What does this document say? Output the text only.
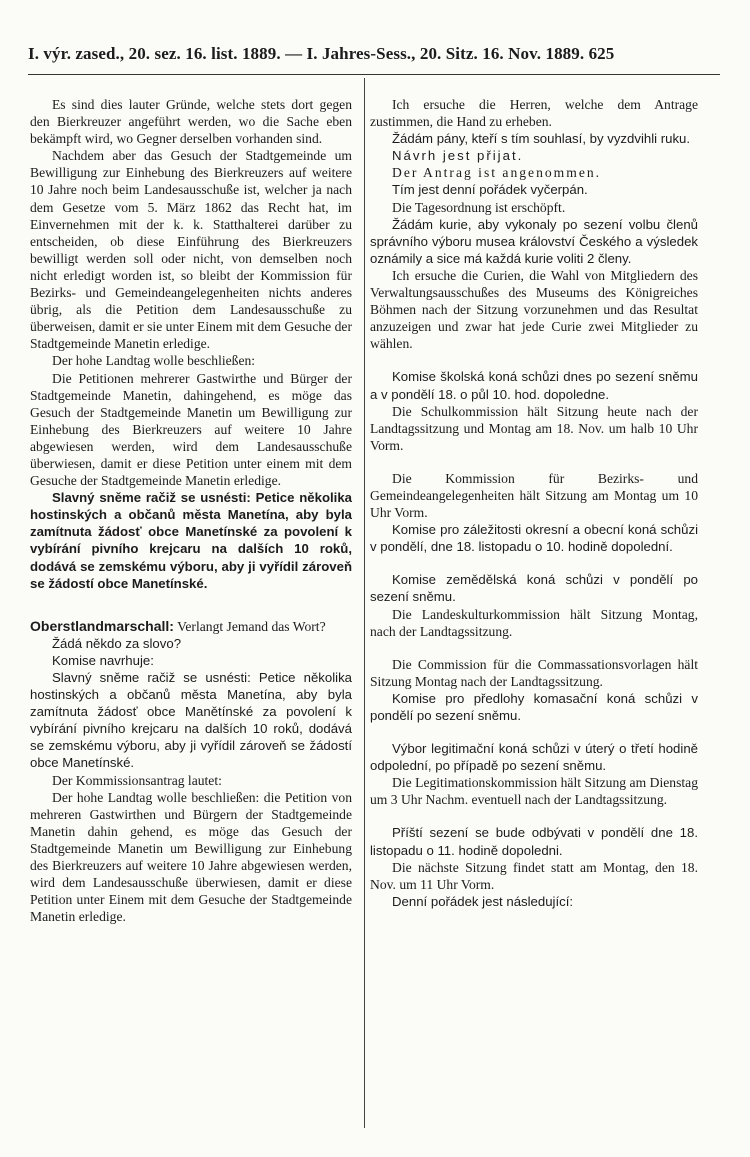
I. výr. zased., 20. sez. 16. list. 1889. — I. Jahres-Sess., 20. Sitz. 16. Nov. 1889. 625

Es sind dies lauter Gründe, welche stets dort gegen den Bierkreuzer angeführt werden, wo die Sache eben bekämpft wird, wo Gegner derselben vorhanden sind.

Nachdem aber das Gesuch der Stadtgemeinde um Bewilligung zur Einhebung des Bierkreuzers auf weitere 10 Jahre noch beim Landesausschuße ist, welcher ja nach dem Gesetze vom 5. März 1862 das Recht hat, im Einvernehmen mit der k. k. Statthalterei darüber zu entscheiden, ob diese Einführung des Bierkreuzers bewilligt werden soll oder nicht, von demselben noch nicht erledigt worden ist, so bleibt der Kommission für Bezirks- und Gemeindeangelegenheiten nichts anderes übrig, als die Petition dem Landesausschuße zu überweisen, damit er sie unter Einem mit dem Gesuche der Stadtgemeinde Manetin erledige.

Der hohe Landtag wolle beschließen:

Die Petitionen mehrerer Gastwirthe und Bürger der Stadtgemeinde Manetin, dahingehend, es möge das Gesuch der Stadtgemeinde Manetin um Bewilligung zur Einhebung des Bierkreuzers auf weitere 10 Jahre abgewiesen werden, wird dem Landesausschuße überwiesen, damit er diese Petition unter einem mit dem Gesuche der Stadtgemeinde Manetin erledige.

Slavný sněme račiž se usnésti: Petice několika hostinských a občanů města Manetína, aby byla zamítnuta žádosť obce Manetínské za povolení k vybírání pivního krejcaru na dalších 10 roků, dodává se zemskému výboru, aby ji vyřídil zároveň se žádostí obce Manetínské.

Oberstlandmarschall: Verlangt Jemand das Wort?

Žádá někdo za slovo?

Komise navrhuje:

Slavný sněme račiž se usnésti: Petice několika hostinských a občanů města Manetína, aby byla zamítnuta žádosť obce Manětínské za povolení k vybírání pivního krejcaru na dalších 10 roků, dodává se zemskému výboru, aby ji vyřídil zároveň se žádostí obce Manetínské.

Der Kommissionsantrag lautet:

Der hohe Landtag wolle beschließen: die Petition von mehreren Gastwirthen und Bürgern der Stadtgemeinde Manetin dahin gehend, es möge das Gesuch der Stadtgemeinde Manetin um Bewilligung zur Einhebung des Bierkreuzers auf weitere 10 Jahre abgewiesen werden, wird dem Landesausschuße überwiesen, damit er diese Petition unter Einem mit dem Gesuche der Stadtgemeinde Manetin erledige.

Ich ersuche die Herren, welche dem Antrage zustimmen, die Hand zu erheben.

Žádám pány, kteří s tím souhlasí, by vyzdvihli ruku.

Návrh jest přijat.

Der Antrag ist angenommen.

Tím jest denní pořádek vyčerpán.

Die Tagesordnung ist erschöpft.

Žádám kurie, aby vykonaly po sezení volbu členů správního výboru musea království Českého a výsledek oznámily a sice má každá kurie voliti 2 členy.

Ich ersuche die Curien, die Wahl von Mitgliedern des Verwaltungsausschußes des Museums des Königreiches Böhmen nach der Sitzung vorzunehmen und das Resultat anzuzeigen und zwar hat jede Curie zwei Mitglieder zu wählen.

Komise školská koná schůzi dnes po sezení sněmu a v pondělí 18. o půl 10. hod. dopoledne.

Die Schulkommission hält Sitzung heute nach der Landtagssitzung und Montag am 18. Nov. um halb 10 Uhr Vorm.

Die Kommission für Bezirks- und Gemeindeangelegenheiten hält Sitzung am Montag um 10 Uhr Vorm.

Komise pro záležitosti okresní a obecní koná schůzi v pondělí, dne 18. listopadu o 10. hodině dopolední.

Komise zemědělská koná schůzi v pondělí po sezení sněmu.

Die Landeskulturkommission hält Sitzung Montag, nach der Landtagssitzung.

Die Commission für die Commassationsvorlagen hält Sitzung Montag nach der Landtagssitzung.

Komise pro předlohy komasační koná schůzi v pondělí po sezení sněmu.

Výbor legitimační koná schůzi v úterý o třetí hodině odpolední, po případě po sezení sněmu.

Die Legitimationskommission hält Sitzung am Dienstag um 3 Uhr Nachm. eventuell nach der Landtagssitzung.

Příští sezení se bude odbývati v pondělí dne 18. listopadu o 11. hodině dopoledni.

Die nächste Sitzung findet statt am Montag, den 18. Nov. um 11 Uhr Vorm.

Denní pořádek jest následující:
